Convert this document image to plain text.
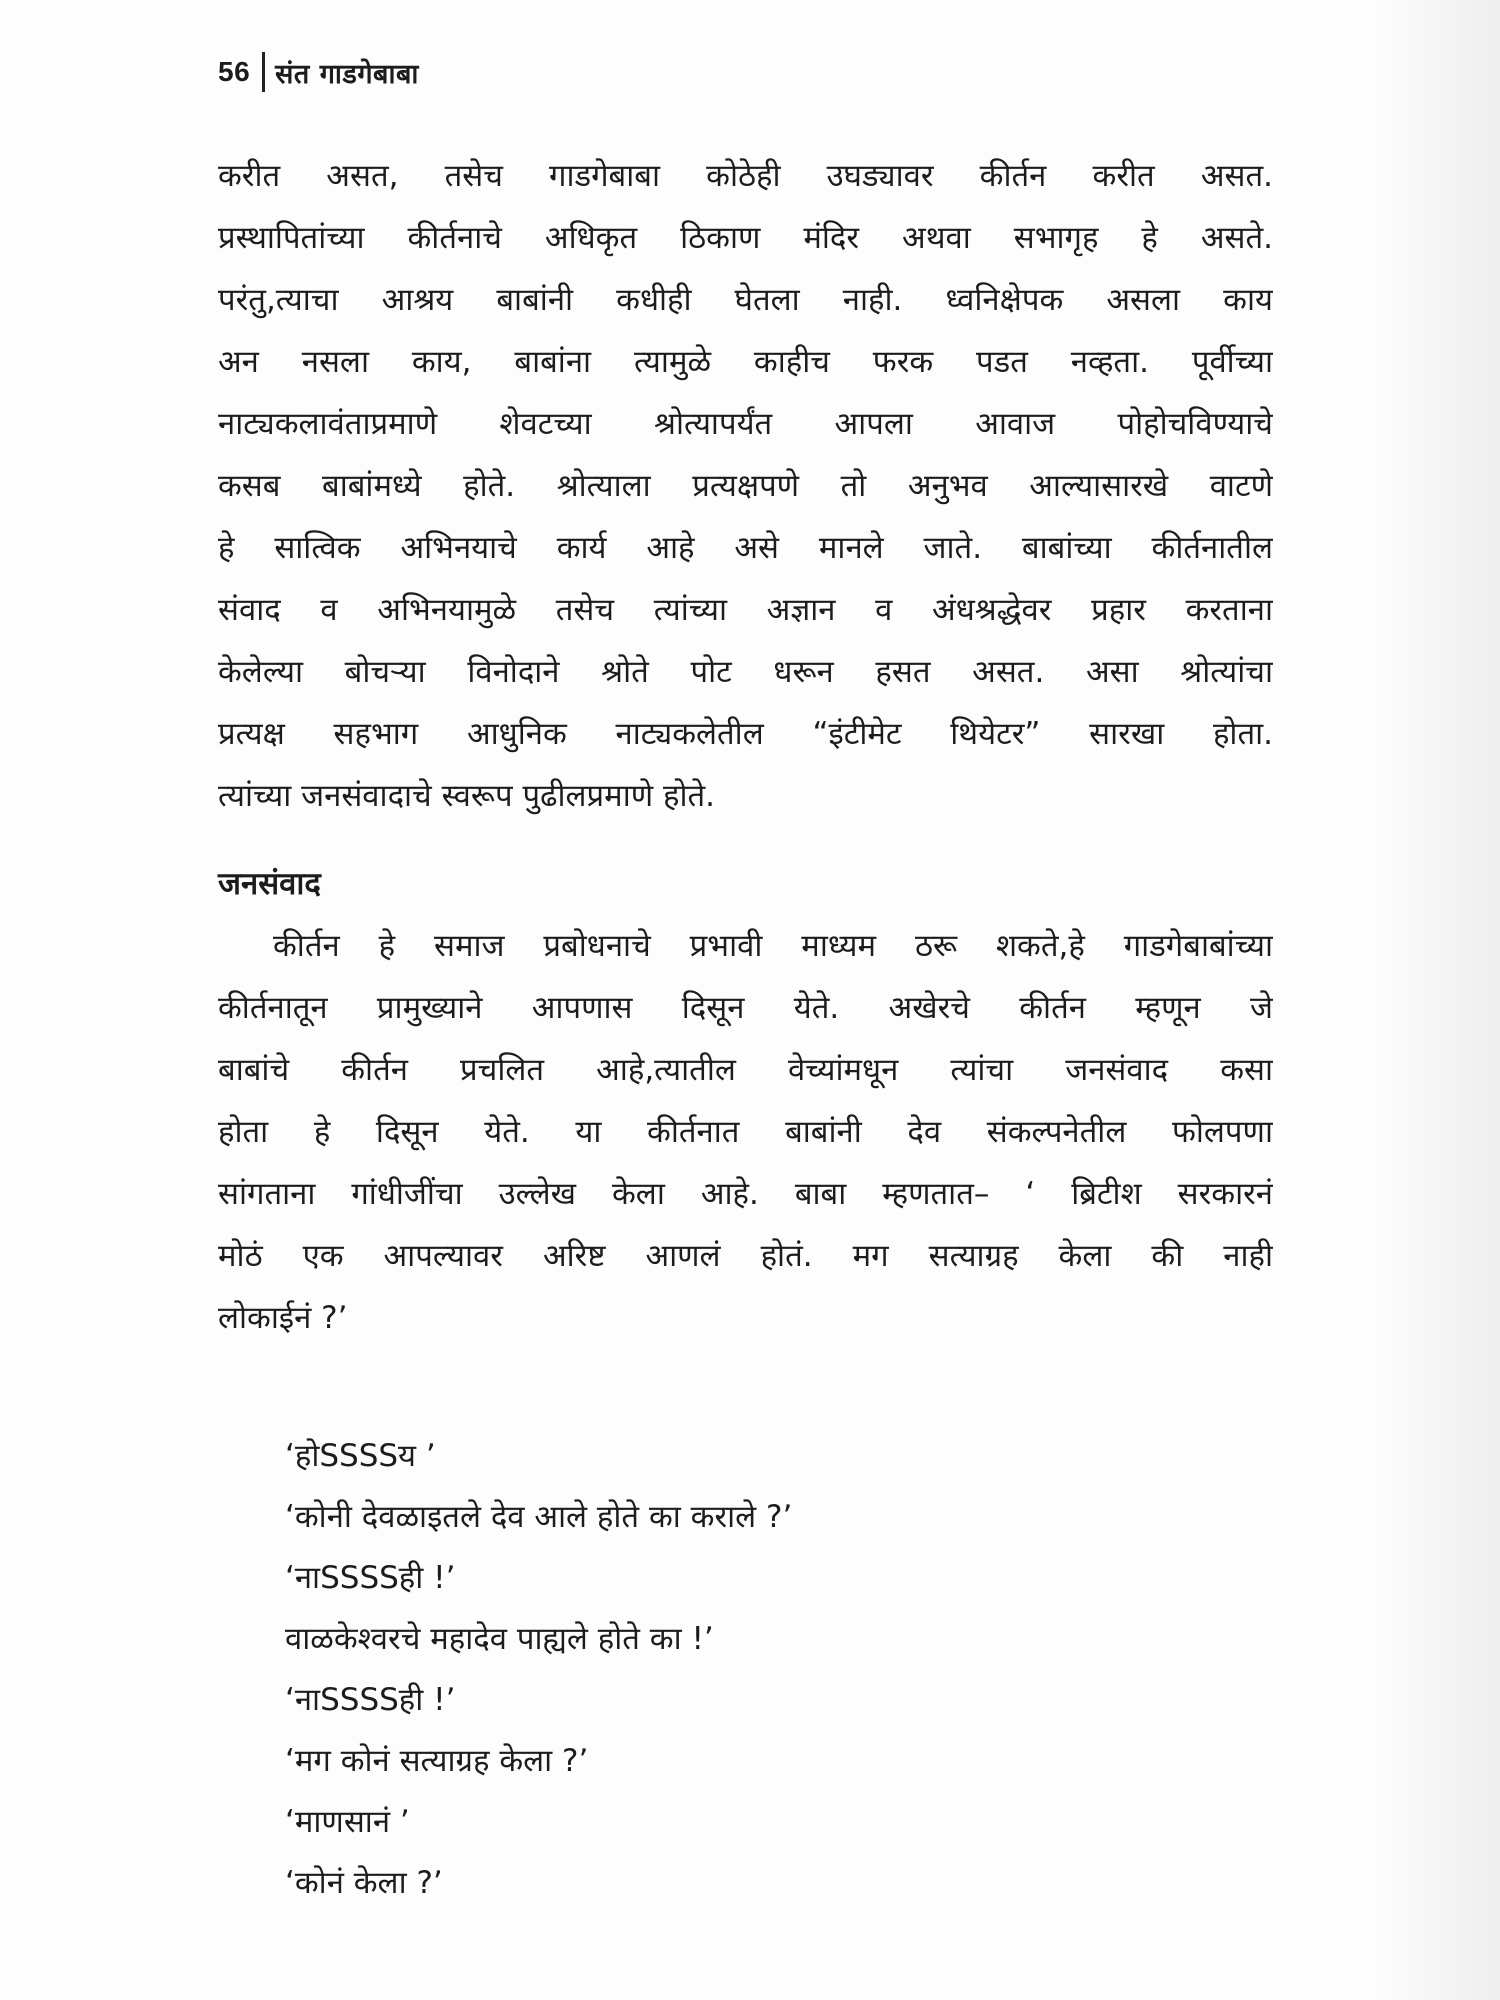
56 संत गाडगेबाबा
करीत असत, तसेच गाडगेबाबा कोठेही उघड्यावर कीर्तन करीत असत.
प्रस्थापितांच्या कीर्तनाचे अधिकृत ठिकाण मंदिर अथवा सभागृह हे असते.
परंतु,त्याचा आश्रय बाबांनी कधीही घेतला नाही. ध्वनिक्षेपक असला काय
अन नसला काय, बाबांना त्यामुळे काहीच फरक पडत नव्हता. पूर्वीच्या
नाट्यकलावंताप्रमाणे शेवटच्या श्रोत्यापर्यंत आपला आवाज पोहोचविण्याचे
कसब बाबांमध्ये होते. श्रोत्याला प्रत्यक्षपणे तो अनुभव आल्यासारखे वाटणे
हे सात्विक अभिनयाचे कार्य आहे असे मानले जाते. बाबांच्या कीर्तनातील
संवाद व अभिनयामुळे तसेच त्यांच्या अज्ञान व अंधश्रद्धेवर प्रहार करताना
केलेल्या बोचऱ्या विनोदाने श्रोते पोट धरून हसत असत. असा श्रोत्यांचा
प्रत्यक्ष सहभाग आधुनिक नाट्यकलेतील “इंटीमेट थियेटर” सारखा होता.
त्यांच्या जनसंवादाचे स्वरूप पुढीलप्रमाणे होते.
जनसंवाद
कीर्तन हे समाज प्रबोधनाचे प्रभावी माध्यम ठरू शकते,हे गाडगेबाबांच्या
कीर्तनातून प्रामुख्याने आपणास दिसून येते. अखेरचे कीर्तन म्हणून जे
बाबांचे कीर्तन प्रचलित आहे,त्यातील वेच्यांमधून त्यांचा जनसंवाद कसा
होता हे दिसून येते. या कीर्तनात बाबांनी देव संकल्पनेतील फोलपणा
सांगताना गांधीजींचा उल्लेख केला आहे. बाबा म्हणतात– ‘ ब्रिटीश सरकारनं
मोठं एक आपल्यावर अरिष्ट आणलं होतं. मग सत्याग्रह केला की नाही
लोकाईनं ?’
‘होSSSSय ’
‘कोनी देवळाइतले देव आले होते का कराले ?’
‘नाSSSSही !’
वाळकेश्वरचे महादेव पाह्यले होते का !’
‘नाSSSSही !’
‘मग कोनं सत्याग्रह केला ?’
‘माणसानं ’
‘कोनं केला ?’
